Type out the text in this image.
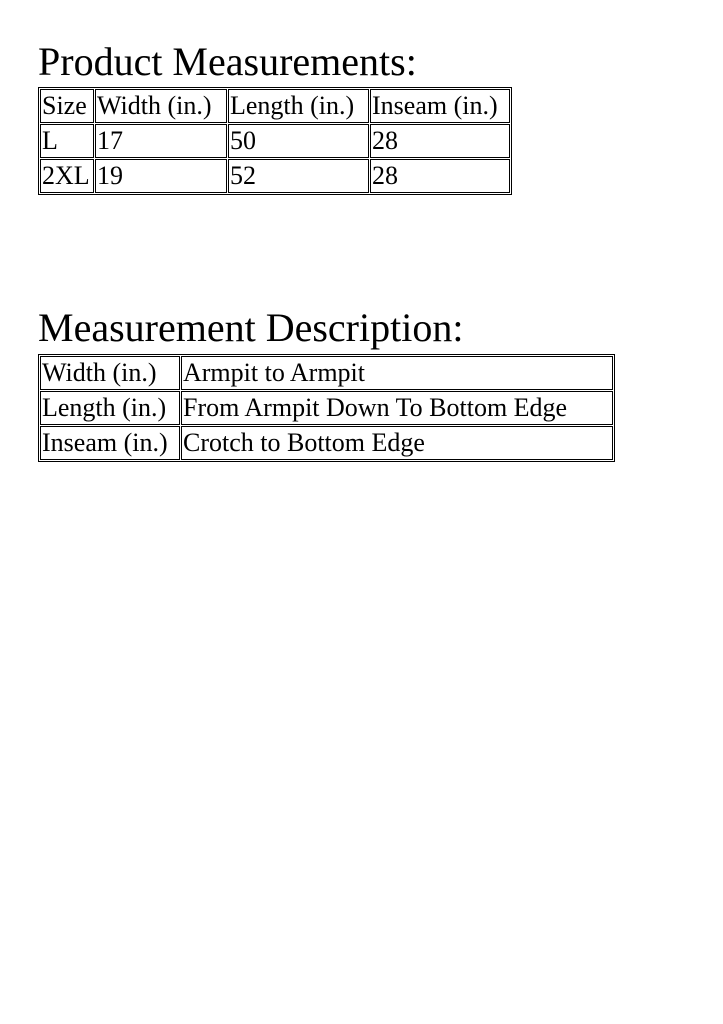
Product Measurements:
Size	Width (in.)	Length (in.)	Inseam (in.)
L	17	50	28
2XL	19	52	28
Measurement Description:
Width (in.)	Armpit to Armpit
Length (in.)	From Armpit Down To Bottom Edge
Inseam (in.)	Crotch to Bottom Edge
